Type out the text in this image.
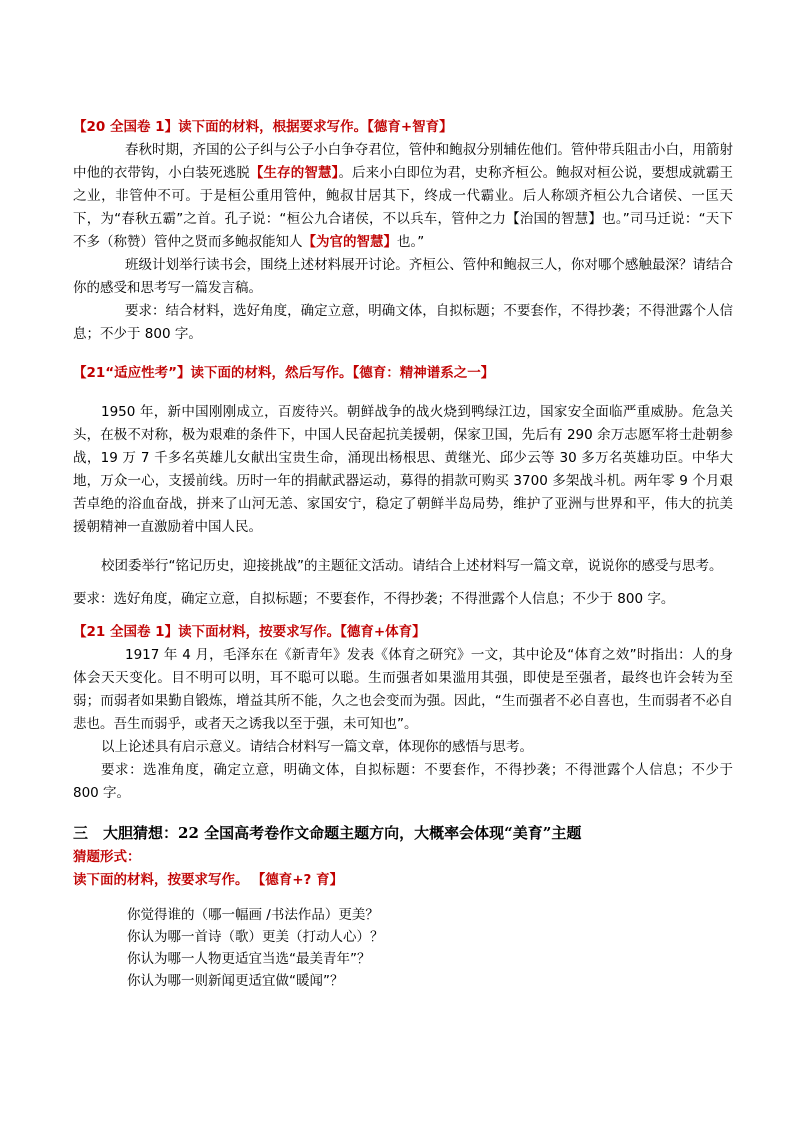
【20 全国卷 1】读下面的材料，根据要求写作。【德育+智育】

春秋时期，齐国的公子纠与公子小白争夺君位，管仲和鲍叔分别辅佐他们。管仲带兵阻击小白，用箭射中他的衣带钩，小白装死逃脱【生存的智慧】。后来小白即位为君，史称齐桓公。鲍叔对桓公说，要想成就霸王之业，非管仲不可。于是桓公重用管仲，鲍叔甘居其下，终成一代霸业。后人称颂齐桓公九合诸侯、一匡天下，为“春秋五霸”之首。孔子说：“桓公九合诸侯，不以兵车，管仲之力【治国的智慧】也。”司马迁说：“天下不多（称赞）管仲之贤而多鲍叔能知人【为官的智慧】也。”

班级计划举行读书会，围绕上述材料展开讨论。齐桓公、管仲和鲍叔三人，你对哪个感触最深？请结合你的感受和思考写一篇发言稿。

要求：结合材料，选好角度，确定立意，明确文体，自拟标题；不要套作，不得抄袭；不得泄露个人信息；不少于 800 字。

【21“适应性考”】读下面的材料，然后写作。【德育：精神谱系之一】

1950 年，新中国刚刚成立，百废待兴。朝鲜战争的战火烧到鸭绿江边，国家安全面临严重威胁。危急关头，在极不对称，极为艰难的条件下，中国人民奋起抗美援朝，保家卫国，先后有 290 余万志愿军将士赴朝参战，19 万 7 千多名英雄儿女献出宝贵生命，涌现出杨根思、黄继光、邱少云等 30 多万名英雄功臣。中华大地，万众一心，支援前线。历时一年的捐献武器运动，募得的捐款可购买 3700 多架战斗机。两年零 9 个月艰苦卓绝的浴血奋战，拼来了山河无恙、家国安宁，稳定了朝鲜半岛局势，维护了亚洲与世界和平，伟大的抗美援朝精神一直激励着中国人民。

校团委举行“铭记历史，迎接挑战”的主题征文活动。请结合上述材料写一篇文章，说说你的感受与思考。

要求：选好角度，确定立意，自拟标题；不要套作，不得抄袭；不得泄露个人信息；不少于 800 字。

【21 全国卷 1】读下面材料，按要求写作。【德育+体育】

1917 年 4 月，毛泽东在《新青年》发表《体育之研究》一文，其中论及“体育之效”时指出：人的身体会天天变化。目不明可以明，耳不聪可以聪。生而强者如果滥用其强，即使是至强者，最终也许会转为至弱；而弱者如果勤自锻炼，增益其所不能，久之也会变而为强。因此，“生而强者不必自喜也，生而弱者不必自悲也。吾生而弱乎，或者天之诱我以至于强，未可知也”。

以上论述具有启示意义。请结合材料写一篇文章，体现你的感悟与思考。

要求：选准角度，确定立意，明确文体，自拟标题：不要套作，不得抄袭；不得泄露个人信息；不少于 800 字。

三 大胆猜想：22 全国高考卷作文命题主题方向，大概率会体现“美育”主题

猜题形式：

读下面的材料，按要求写作。 【德育+? 育】

你觉得谁的（哪一幅画 /书法作品）更美？
你认为哪一首诗（歌）更美（打动人心）？
你认为哪一人物更适宜当选“最美青年”？
你认为哪一则新闻更适宜做“暖闻”？
